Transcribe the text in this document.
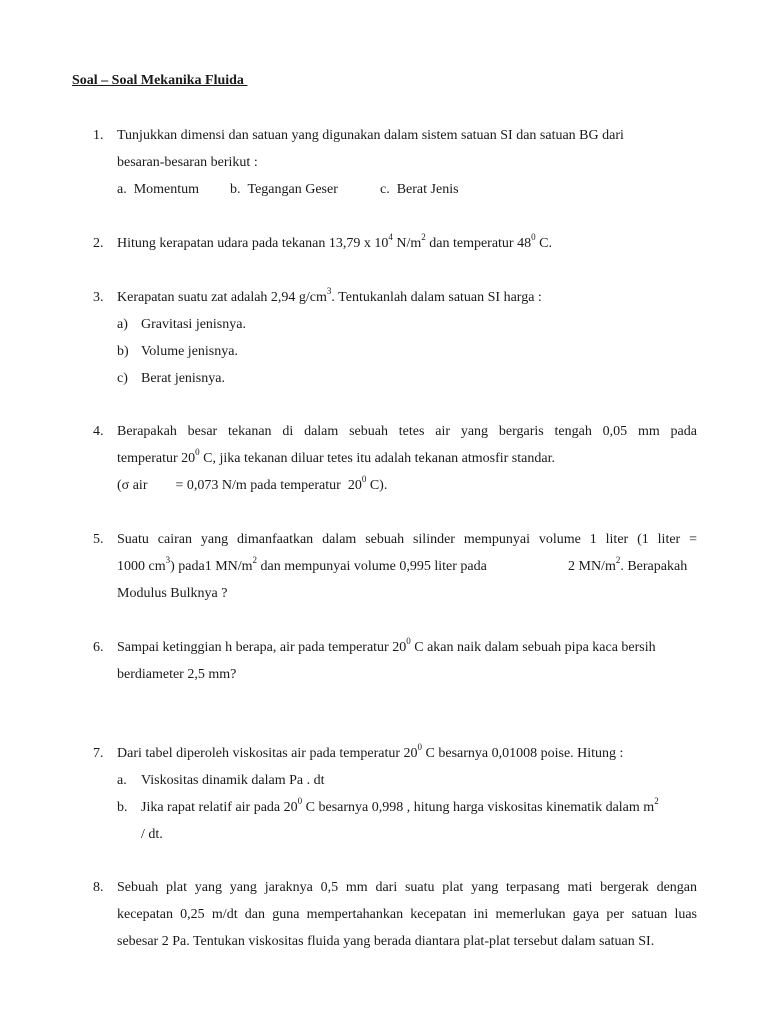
Soal – Soal Mekanika Fluida
1. Tunjukkan dimensi dan satuan yang digunakan dalam sistem satuan SI dan satuan BG dari
besaran-besaran berikut :
a. Momentum b. Tegangan Geser	c. Berat Jenis
2. Hitung kerapatan udara pada tekanan 13,79 x $10^4$ $N/m^2$ dan temperatur $48^0$ C.
3. Kerapatan suatu zat adalah 2,94 $g/cm^3$. Tentukanlah dalam satuan SI harga :
a) Gravitasi jenisnya.
b) Volume jenisnya.
c) Berat jenisnya.
4. Berapakah besar tekanan di dalam sebuah tetes air yang bergaris tengah 0,05 mm pada
temperatur $20^0$ C, jika tekanan diluar tetes itu adalah tekanan atmosfir standar.
(σ air        = 0,073 N/m pada temperatur  $20^0$ C).
5. Suatu cairan yang dimanfaatkan dalam sebuah silinder mempunyai volume 1 liter (1 liter =
1000 $cm^3$) pada1 $MN/m^2$ dan mempunyai volume 0,995 liter pada	2 $MN/m^2$. Berapakah
Modulus Bulknya ?
6. Sampai ketinggian h berapa, air pada temperatur $20^0$ C akan naik dalam sebuah pipa kaca bersih
berdiameter 2,5 mm?
7. Dari tabel diperoleh viskositas air pada temperatur $20^0$ C besarnya 0,01008 poise. Hitung :
a. Viskositas dinamik dalam Pa . dt
b. Jika rapat relatif air pada $20^0$ C besarnya 0,998 , hitung harga viskositas kinematik dalam $m^2$
/ dt.
8. Sebuah plat yang yang jaraknya 0,5 mm dari suatu plat yang terpasang mati bergerak dengan
kecepatan 0,25 m/dt dan guna mempertahankan kecepatan ini memerlukan gaya per satuan luas
sebesar 2 Pa. Tentukan viskositas fluida yang berada diantara plat-plat tersebut dalam satuan SI.
